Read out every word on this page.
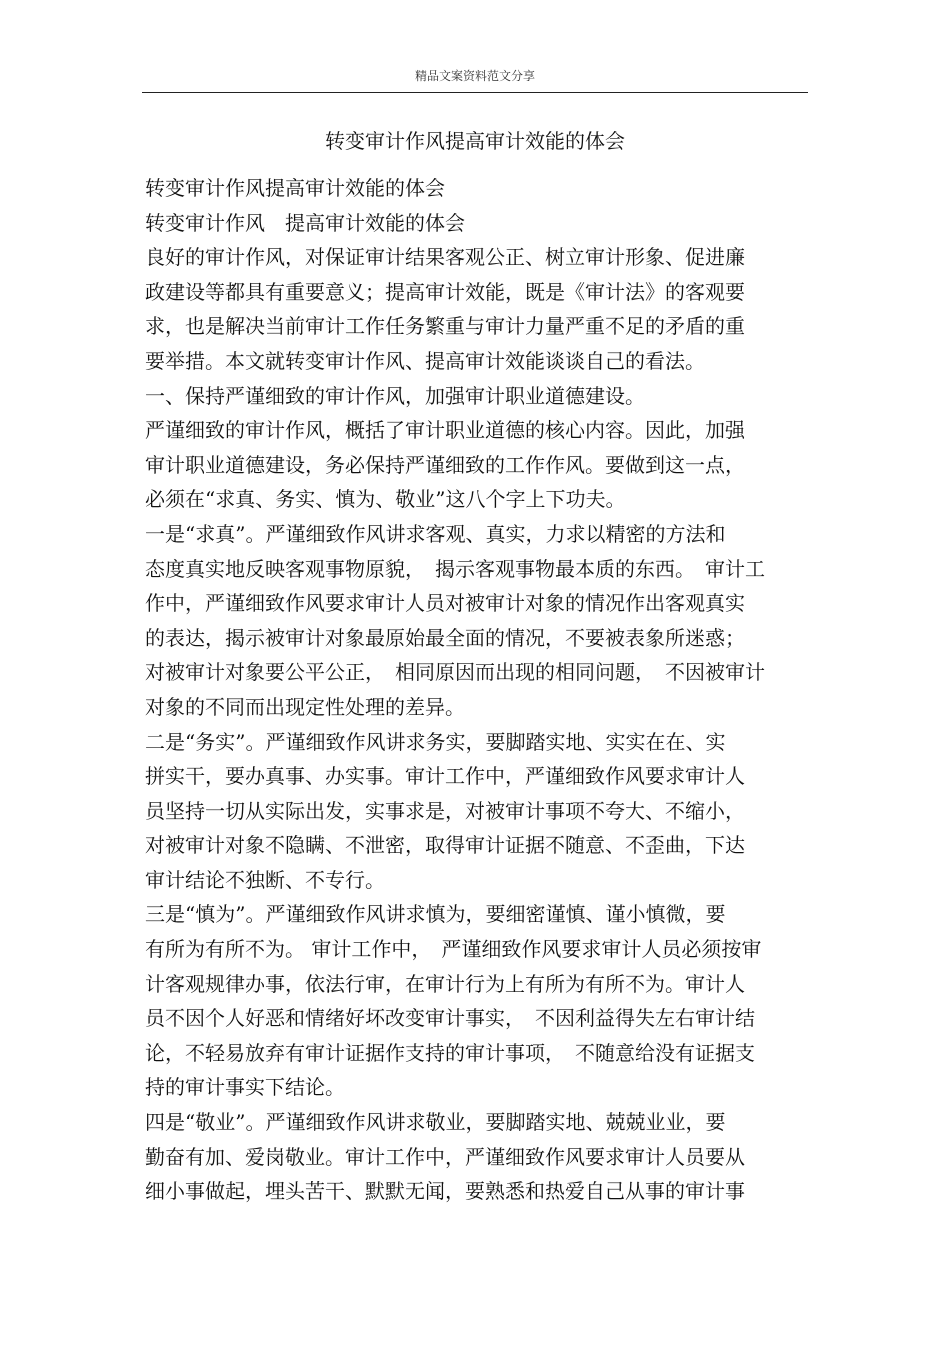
精品文案资料范文分享
转变审计作风提高审计效能的体会
转变审计作风提高审计效能的体会
转变审计作风　提高审计效能的体会
良好的审计作风，对保证审计结果客观公正、树立审计形象、促进廉
政建设等都具有重要意义；提高审计效能，既是《审计法》的客观要
求，也是解决当前审计工作任务繁重与审计力量严重不足的矛盾的重
要举措。本文就转变审计作风、提高审计效能谈谈自己的看法。
一、保持严谨细致的审计作风，加强审计职业道德建设。
严谨细致的审计作风，概括了审计职业道德的核心内容。因此，加强
审计职业道德建设，务必保持严谨细致的工作作风。要做到这一点，
必须在“求真、务实、慎为、敬业”这八个字上下功夫。
一是“求真”。严谨细致作风讲求客观、真实，力求以精密的方法和
态度真实地反映客观事物原貌，　揭示客观事物最本质的东西。　审计工
作中，严谨细致作风要求审计人员对被审计对象的情况作出客观真实
的表达，揭示被审计对象最原始最全面的情况，不要被表象所迷惑；
对被审计对象要公平公正，　相同原因而出现的相同问题，　不因被审计
对象的不同而出现定性处理的差异。
二是“务实”。严谨细致作风讲求务实，要脚踏实地、实实在在、实
拼实干，要办真事、办实事。审计工作中，严谨细致作风要求审计人
员坚持一切从实际出发，实事求是，对被审计事项不夸大、不缩小，
对被审计对象不隐瞒、不泄密，取得审计证据不随意、不歪曲，下达
审计结论不独断、不专行。
三是“慎为”。严谨细致作风讲求慎为，要细密谨慎、谨小慎微，要
有所为有所不为。 审计工作中，　严谨细致作风要求审计人员必须按审
计客观规律办事，依法行审，在审计行为上有所为有所不为。审计人
员不因个人好恶和情绪好坏改变审计事实，　不因利益得失左右审计结
论，不轻易放弃有审计证据作支持的审计事项，　不随意给没有证据支
持的审计事实下结论。
四是“敬业”。严谨细致作风讲求敬业，要脚踏实地、兢兢业业，要
勤奋有加、爱岗敬业。审计工作中，严谨细致作风要求审计人员要从
细小事做起，埋头苦干、默默无闻，要熟悉和热爱自己从事的审计事
